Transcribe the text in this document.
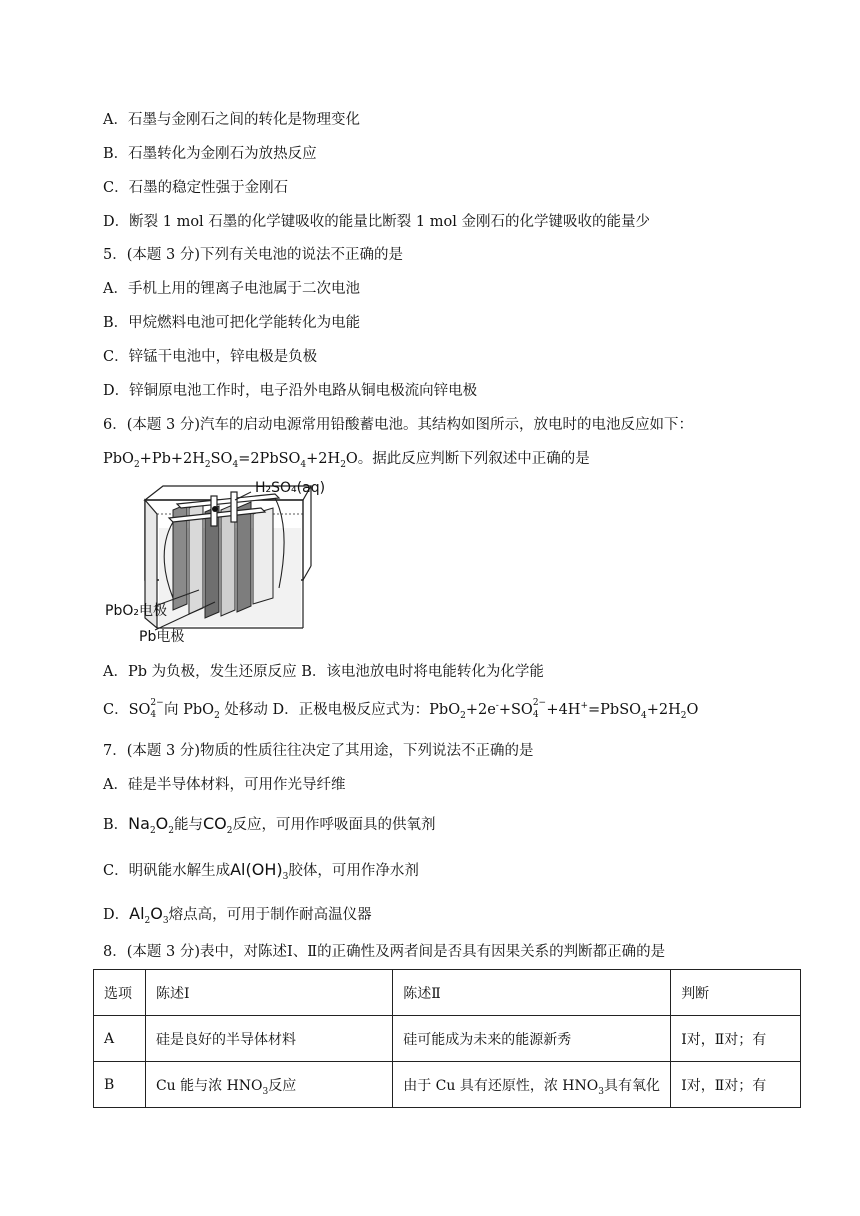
A．石墨与金刚石之间的转化是物理变化
B．石墨转化为金刚石为放热反应
C．石墨的稳定性强于金刚石
D．断裂 1 mol 石墨的化学键吸收的能量比断裂 1 mol 金刚石的化学键吸收的能量少
5．(本题 3 分)下列有关电池的说法不正确的是
A．手机上用的锂离子电池属于二次电池
B．甲烷燃料电池可把化学能转化为电能
C．锌锰干电池中，锌电极是负极
D．锌铜原电池工作时，电子沿外电路从铜电极流向锌电极
6．(本题 3 分)汽车的启动电源常用铅酸蓄电池。其结构如图所示，放电时的电池反应如下：
$PbO_2+Pb+2H_2SO_4=2PbSO_4+2H_2O$。据此反应判断下列叙述中正确的是
H₂SO₄(aq)
PbO₂电极
Pb电极
A．Pb 为负极，发生还原反应 B．该电池放电时将电能转化为化学能
C．SO 2−
4 向 PbO$_2$ 处移动 D．正极电极反应式为：PbO$_2$+2e-+SO 2−
$4 +4H^+=PbSO_4+2H_2O$
7．(本题 3 分)物质的性质往往决定了其用途，下列说法不正确的是
A．硅是半导体材料，可用作光导纤维
B．$Na_2O_2$能与$CO_2$反应，可用作呼吸面具的供氧剂
C．明矾能水解生成$Al(OH)_3$胶体，可用作净水剂
D．$Al_2O_3$熔点高，可用于制作耐高温仪器
8．(本题 3 分)表中，对陈述Ⅰ、Ⅱ的正确性及两者间是否具有因果关系的判断都正确的是
选项	陈述Ⅰ	陈述Ⅱ	判断
A	硅是良好的半导体材料	硅可能成为未来的能源新秀	Ⅰ对，Ⅱ对；有
B	Cu 能与浓 $HNO_3$反应	由于 Cu 具有还原性，浓 $HNO_3$具有氧化	Ⅰ对，Ⅱ对；有
